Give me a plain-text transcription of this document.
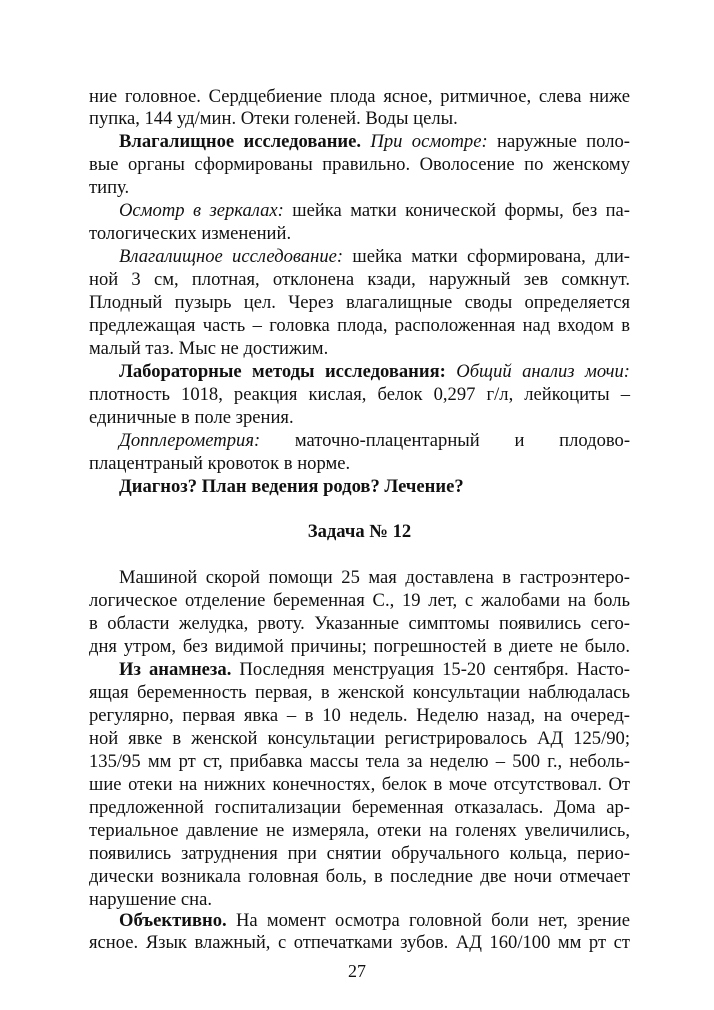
ние головное. Сердцебиение плода ясное, ритмичное, слева ниже
пупка, 144 уд/мин. Отеки голеней. Воды целы.
Влагалищное исследование. При осмотре: наружные поло-
вые органы сформированы правильно. Оволосение по женскому
типу.
Осмотр в зеркалах: шейка матки конической формы, без па-
тологических изменений.
Влагалищное исследование: шейка матки сформирована, дли-
ной 3 см, плотная, отклонена кзади, наружный зев сомкнут.
Плодный пузырь цел. Через влагалищные своды определяется
предлежащая часть – головка плода, расположенная над входом в
малый таз. Мыс не достижим.
Лабораторные методы исследования: Общий анализ мочи:
плотность 1018, реакция кислая, белок 0,297 г/л, лейкоциты –
единичные в поле зрения.
Допплерометрия: маточно-плацентарный и плодово-
плацентраный кровоток в норме.
Диагноз? План ведения родов? Лечение?
Задача № 12
Машиной скорой помощи 25 мая доставлена в гастроэнтеро-
логическое отделение беременная С., 19 лет, с жалобами на боль
в области желудка, рвоту. Указанные симптомы появились сего-
дня утром, без видимой причины; погрешностей в диете не было.
Из анамнеза. Последняя менструация 15-20 сентября. Насто-
ящая беременность первая, в женской консультации наблюдалась
регулярно, первая явка – в 10 недель. Неделю назад, на очеред-
ной явке в женской консультации регистрировалось АД 125/90;
135/95 мм рт ст, прибавка массы тела за неделю – 500 г., неболь-
шие отеки на нижних конечностях, белок в моче отсутствовал. От
предложенной госпитализации беременная отказалась. Дома ар-
териальное давление не измеряла, отеки на голенях увеличились,
появились затруднения при снятии обручального кольца, перио-
дически возникала головная боль, в последние две ночи отмечает
нарушение сна.
Объективно. На момент осмотра головной боли нет, зрение
ясное. Язык влажный, с отпечатками зубов. АД 160/100 мм рт ст
27
